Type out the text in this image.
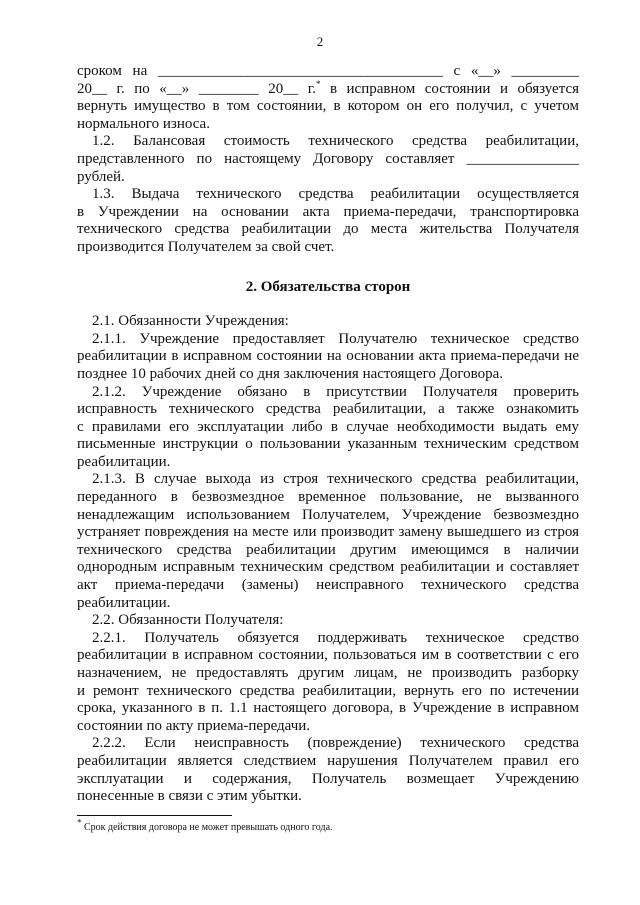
2

сроком на ______________________________________ с «__» _________
20__ г. по «__» ________ 20__ г.* в исправном состоянии и обязуется
вернуть имущество в том состоянии, в котором он его получил, с учетом
нормального износа.

1.2. Балансовая стоимость технического средства реабилитации,
представленного по настоящему Договору составляет _______________
рублей.

1.3. Выдача технического средства реабилитации осуществляется
в Учреждении на основании акта приема-передачи, транспортировка
технического средства реабилитации до места жительства Получателя
производится Получателем за свой счет.

2. Обязательства сторон

2.1. Обязанности Учреждения:

2.1.1. Учреждение предоставляет Получателю техническое средство
реабилитации в исправном состоянии на основании акта приема-передачи не
позднее 10 рабочих дней со дня заключения настоящего Договора.

2.1.2. Учреждение обязано в присутствии Получателя проверить
исправность технического средства реабилитации, а также ознакомить
с правилами его эксплуатации либо в случае необходимости выдать ему
письменные инструкции о пользовании указанным техническим средством
реабилитации.

2.1.3. В случае выхода из строя технического средства реабилитации,
переданного в безвозмездное временное пользование, не вызванного
ненадлежащим использованием Получателем, Учреждение безвозмездно
устраняет повреждения на месте или производит замену вышедшего из строя
технического средства реабилитации другим имеющимся в наличии
однородным исправным техническим средством реабилитации и составляет
акт приема-передачи (замены) неисправного технического средства
реабилитации.

2.2. Обязанности Получателя:

2.2.1. Получатель обязуется поддерживать техническое средство
реабилитации в исправном состоянии, пользоваться им в соответствии с его
назначением, не предоставлять другим лицам, не производить разборку
и ремонт технического средства реабилитации, вернуть его по истечении
срока, указанного в п. 1.1 настоящего договора, в Учреждение в исправном
состоянии по акту приема-передачи.

2.2.2. Если неисправность (повреждение) технического средства
реабилитации является следствием нарушения Получателем правил его
эксплуатации и содержания, Получатель возмещает Учреждению
понесенные в связи с этим убытки.

* Срок действия договора не может превышать одного года.
